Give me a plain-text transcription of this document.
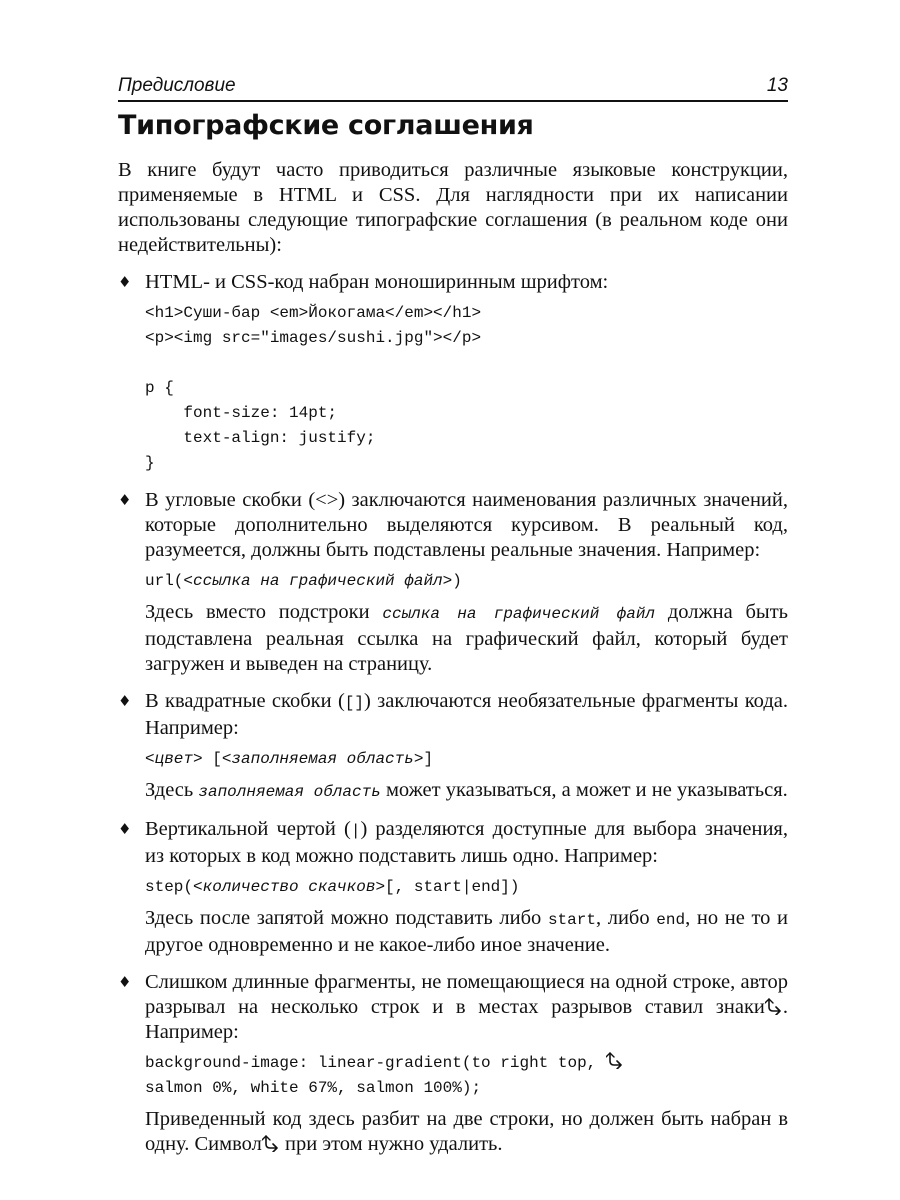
Предисловие	13
Типографские соглашения

В книге будут часто приводиться различные языковые конструкции, применяемые в HTML и CSS. Для наглядности при их написании использованы следующие типографские соглашения (в реальном коде они недействительны):

♦ HTML- и CSS-код набран моноширинным шрифтом:

<h1>Суши-бар <em>Йокогама</em></h1>
<p><img src="images/sushi.jpg"></p>
p {
font-size: 14pt;
text-align: justify;
}
♦ В угловые скобки (<>) заключаются наименования различных значений, которые дополнительно выделяются курсивом. В реальный код, разумеется, должны быть подставлены реальные значения. Например:

url(<ссылка на графический файл>)

Здесь вместо подстроки ссылка на графический файл должна быть подставлена реальная ссылка на графический файл, который будет загружен и выведен на страницу.

♦ В квадратные скобки ([]) заключаются необязательные фрагменты кода. Например:

<цвет> [<заполняемая область>]

Здесь заполняемая область может указываться, а может и не указываться.

♦ Вертикальной чертой (|) разделяются доступные для выбора значения, из которых в код можно подставить лишь одно. Например:

step(<количество скачков>[, start|end])

Здесь после запятой можно подставить либо start, либо end, но не то и другое одновременно и не какое-либо иное значение.

♦ Слишком длинные фрагменты, не помещающиеся на одной строке, автор разрывал на несколько строк и в местах разрывов ставил знаки . Например:

background-image: linear-gradient(to right top,
salmon 0%, white 67%, salmon 100%);

Приведенный код здесь разбит на две строки, но должен быть набран в одну. Символ
при этом нужно удалить.
